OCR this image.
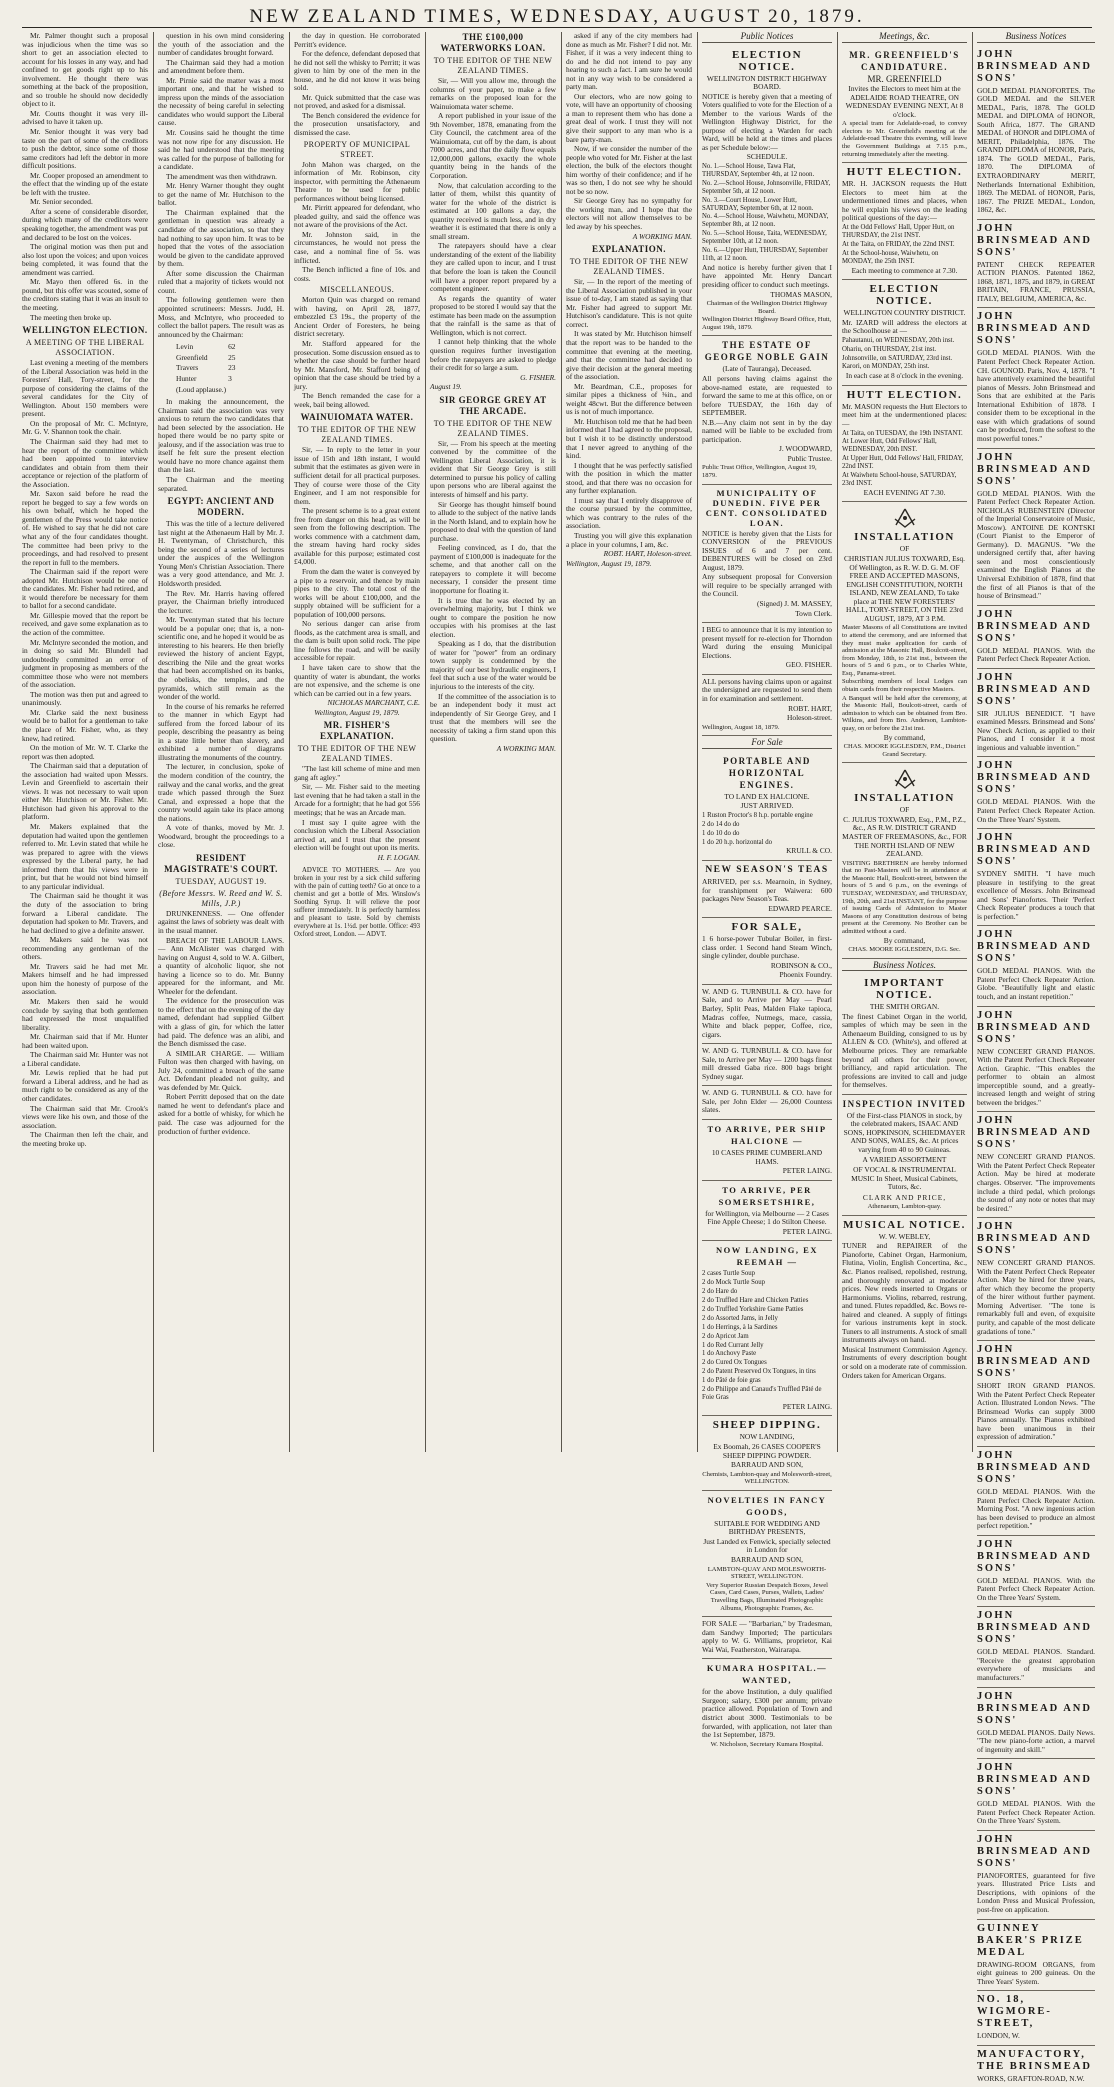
NEW ZEALAND TIMES, WEDNESDAY, AUGUST 20, 1879.

Mr. Palmer thought such a proposal was injudicious when the time was so short to get an association elected to account for his losses in any way, and had confined to get goods right up to his involvement. He thought there was something at the back of the proposition, and so trouble he should now decidedly object to it.

Mr. Coutts thought it was very ill-advised to have it taken up.

Mr. Senior thought it was very bad taste on the part of some of the creditors to push the debtor, since some of those same creditors had left the debtor in more difficult positions.

Mr. Cooper proposed an amendment to the effect that the winding up of the estate be left with the trustee.

Mr. Senior seconded.

After a scene of considerable disorder, during which many of the creditors were speaking together, the amendment was put and declared to be lost on the voices.

The original motion was then put and also lost upon the voices; and upon voices being completed, it was found that the amendment was carried.

Mr. Mayo then offered 6s. in the pound, but this offer was scouted, some of the creditors stating that it was an insult to the meeting.

The meeting then broke up.

WELLINGTON ELECTION.
A MEETING OF THE LIBERAL ASSOCIATION.

Last evening a meeting of the members of the Liberal Association was held in the Foresters' Hall, Tory-street, for the purpose of considering the claims of the several candidates for the City of Wellington. About 150 members were present.

On the proposal of Mr. C. McIntyre, Mr. G. V. Shannon took the chair.

The Chairman said they had met to hear the report of the committee which had been appointed to interview candidates and obtain from them their acceptance or rejection of the platform of the Association.

Mr. Saxon said before he read the report he begged to say a few words on his own behalf, which he hoped the gentlemen of the Press would take notice of. He wished to say that he did not care what any of the four candidates thought. The committee had been privy to the proceedings, and had resolved to present the report in full to the members.

The Chairman said if the report were adopted Mr. Hutchison would be one of the candidates. Mr. Fisher had retired, and it would therefore be necessary for them to ballot for a second candidate.

Mr. Gillespie moved that the report be received, and gave some explanation as to the action of the committee.

Mr. McIntyre seconded the motion, and in doing so said Mr. Blundell had undoubtedly committed an error of judgment in proposing as members of the committee those who were not members of the association.

The motion was then put and agreed to unanimously.

Mr. Clarke said the next business would be to ballot for a gentleman to take the place of Mr. Fisher, who, as they knew, had retired.

On the motion of Mr. W. T. Clarke the report was then adopted.

The Chairman said that a deputation of the association had waited upon Messrs. Levin and Greenfield to ascertain their views. It was not necessary to wait upon either Mr. Hutchison or Mr. Fisher. Mr. Hutchison had given his approval to the platform.

Mr. Makers explained that the deputation had waited upon the gentlemen referred to. Mr. Levin stated that while he was prepared to agree with the views expressed by the Liberal party, he had informed them that his views were in print, but that he would not bind himself to any particular individual.

The Chairman said he thought it was the duty of the association to bring forward a Liberal candidate. The deputation had spoken to Mr. Travers, and he had declined to give a definite answer.

Mr. Makers said he was not recommending any gentleman of the others.

Mr. Travers said he had met Mr. Makers himself and he had impressed upon him the honesty of purpose of the association.

Mr. Makers then said he would conclude by saying that both gentlemen had expressed the most unqualified liberality.

Mr. Chairman said that if Mr. Hunter had been waited upon.

The Chairman said Mr. Hunter was not a Liberal candidate.

Mr. Lewis replied that he had put forward a Liberal address, and he had as much right to be considered as any of the other candidates.

The Chairman said that Mr. Crook's views were like his own, and those of the association.

The Chairman then left the chair, and the meeting broke up.

question in his own mind considering the youth of the association and the number of candidates brought forward.

The Chairman said they had a motion and amendment before them.

Mr. Pirnie said the matter was a most important one, and that he wished to impress upon the minds of the association the necessity of being careful in selecting candidates who would support the Liberal cause.

Mr. Cousins said he thought the time was not now ripe for any discussion. He said he had understood that the meeting was called for the purpose of balloting for a candidate.

The amendment was then withdrawn.

Mr. Henry Warner thought they ought to get the name of Mr. Hutchison to the ballot.

The Chairman explained that the gentleman in question was already a candidate of the association, so that they had nothing to say upon him. It was to be hoped that the votes of the association would be given to the candidate approved by them.

After some discussion the Chairman ruled that a majority of tickets would not count.

The following gentlemen were then appointed scrutineers: Messrs. Judd, H. Moss, and McIntyre, who proceeded to collect the ballot papers. The result was as announced by the Chairman:

Levin	62
Greenfield	25
Travers	23
Hunter	3
(Loud applause.)	

In making the announcement, the Chairman said the association was very anxious to return the two candidates that had been selected by the association. He hoped there would be no party spite or jealousy, and if the association was true to itself he felt sure the present election would have no more chance against them than the last.

The Chairman and the meeting separated.

EGYPT: ANCIENT AND MODERN.

This was the title of a lecture delivered last night at the Athenaeum Hall by Mr. J. H. Twentyman, of Christchurch, this being the second of a series of lectures under the auspices of the Wellington Young Men's Christian Association. There was a very good attendance, and Mr. J. Holdsworth presided.

The Rev. Mr. Harris having offered prayer, the Chairman briefly introduced the lecturer.

Mr. Twentyman stated that his lecture would be a popular one; that is, a non-scientific one, and he hoped it would be as interesting to his hearers. He then briefly reviewed the history of ancient Egypt, describing the Nile and the great works that had been accomplished on its banks, the obelisks, the temples, and the pyramids, which still remain as the wonder of the world.

In the course of his remarks he referred to the manner in which Egypt had suffered from the forced labour of its people, describing the peasantry as being in a state little better than slavery, and exhibited a number of diagrams illustrating the monuments of the country.

The lecturer, in conclusion, spoke of the modern condition of the country, the railway and the canal works, and the great trade which passed through the Suez Canal, and expressed a hope that the country would again take its place among the nations.

A vote of thanks, moved by Mr. J. Woodward, brought the proceedings to a close.

RESIDENT MAGISTRATE'S COURT.
TUESDAY, AUGUST 19.
(Before Messrs. W. Reed and W. S. Mills, J.P.)

DRUNKENNESS. — One offender against the laws of sobriety was dealt with in the usual manner.

BREACH OF THE LABOUR LAWS. — Ann McAlister was charged with having on August 4, sold to W. A. Gilbert, a quantity of alcoholic liquor, she not having a licence so to do. Mr. Bunny appeared for the informant, and Mr. Wheeler for the defendant.

The evidence for the prosecution was to the effect that on the evening of the day named, defendant had supplied Gilbert with a glass of gin, for which the latter had paid. The defence was an alibi, and the Bench dismissed the case.

A SIMILAR CHARGE. — William Fulton was then charged with having, on July 24, committed a breach of the same Act. Defendant pleaded not guilty, and was defended by Mr. Quick.

Robert Perritt deposed that on the date named he went to defendant's place and asked for a bottle of whisky, for which he paid. The case was adjourned for the production of further evidence.

the day in question. He corroborated Perritt's evidence.

For the defence, defendant deposed that he did not sell the whisky to Perritt; it was given to him by one of the men in the house, and he did not know it was being sold.

Mr. Quick submitted that the case was not proved, and asked for a dismissal.

The Bench considered the evidence for the prosecution unsatisfactory, and dismissed the case.

PROPERTY OF MUNICIPAL STREET.

John Mahon was charged, on the information of Mr. Robinson, city inspector, with permitting the Athenaeum Theatre to be used for public performances without being licensed.

Mr. Pirritt appeared for defendant, who pleaded guilty, and said the offence was not aware of the provisions of the Act.

Mr. Johnston said, in the circumstances, he would not press the case, and a nominal fine of 5s. was inflicted.

The Bench inflicted a fine of 10s. and costs.

MISCELLANEOUS.

Morton Quin was charged on remand with having, on April 28, 1877, embezzled £3 19s., the property of the Ancient Order of Foresters, he being district secretary.

Mr. Stafford appeared for the prosecution. Some discussion ensued as to whether the case should be further heard by Mr. Mansford, Mr. Stafford being of opinion that the case should be tried by a jury.

The Bench remanded the case for a week, bail being allowed.

WAINUIOMATA WATER.
TO THE EDITOR OF THE NEW ZEALAND TIMES.

Sir, — In reply to the letter in your issue of 15th and 18th instant, I would submit that the estimates as given were in sufficient detail for all practical purposes. They of course were those of the City Engineer, and I am not responsible for them.

The present scheme is to a great extent free from danger on this head, as will be seen from the following description. The works commence with a catchment dam, the stream having hard rocky sides available for this purpose; estimated cost £4,000.

From the dam the water is conveyed by a pipe to a reservoir, and thence by main pipes to the city. The total cost of the works will be about £100,000, and the supply obtained will be sufficient for a population of 100,000 persons.

No serious danger can arise from floods, as the catchment area is small, and the dam is built upon solid rock. The pipe line follows the road, and will be easily accessible for repair.

I have taken care to show that the quantity of water is abundant, the works are not expensive, and the scheme is one which can be carried out in a few years.

NICHOLAS MARCHANT, C.E.

Wellington, August 19, 1879.

MR. FISHER'S EXPLANATION.
TO THE EDITOR OF THE NEW ZEALAND TIMES.

"The last kill scheme of mine and men gang aft agley."

Sir, — Mr. Fisher said to the meeting last evening that he had taken a stall in the Arcade for a fortnight; that he had got 556 meetings; that he was an Arcade man.

I must say I quite agree with the conclusion which the Liberal Association arrived at, and I trust that the present election will be fought out upon its merits.

H. F. LOGAN.

ADVICE TO MOTHERS. — Are you broken in your rest by a sick child suffering with the pain of cutting teeth? Go at once to a chemist and get a bottle of Mrs. Winslow's Soothing Syrup. It will relieve the poor sufferer immediately. It is perfectly harmless and pleasant to taste. Sold by chemists everywhere at 1s. 1½d. per bottle. Office: 493 Oxford street, London. — ADVT.

THE £100,000 WATERWORKS LOAN.
TO THE EDITOR OF THE NEW ZEALAND TIMES.

Sir, — Will you allow me, through the columns of your paper, to make a few remarks on the proposed loan for the Wainuiomata water scheme.

A report published in your issue of the 9th November, 1878, emanating from the City Council, the catchment area of the Wainuiomata, cut off by the dam, is about 7000 acres, and that the daily flow equals 12,000,000 gallons, exactly the whole quantity being in the hands of the Corporation.

Now, that calculation according to the latter of them, whilst this quantity of water for the whole of the district is estimated at 100 gallons a day, the quantity received is much less, and in dry weather it is estimated that there is only a small stream.

The ratepayers should have a clear understanding of the extent of the liability they are called upon to incur, and I trust that before the loan is taken the Council will have a proper report prepared by a competent engineer.

As regards the quantity of water proposed to be stored I would say that the estimate has been made on the assumption that the rainfall is the same as that of Wellington, which is not correct.

I cannot help thinking that the whole question requires further investigation before the ratepayers are asked to pledge their credit for so large a sum.

G. FISHER.

August 19.

SIR GEORGE GREY AT THE ARCADE.
TO THE EDITOR OF THE NEW ZEALAND TIMES.

Sir, — From his speech at the meeting convened by the committee of the Wellington Liberal Association, it is evident that Sir George Grey is still determined to pursue his policy of calling upon persons who are liberal against the interests of himself and his party.

Sir George has thought himself bound to allude to the subject of the native lands in the North Island, and to explain how he proposed to deal with the question of land purchase.

Feeling convinced, as I do, that the payment of £100,000 is inadequate for the scheme, and that another call on the ratepayers to complete it will become necessary, I consider the present time inopportune for floating it.

It is true that he was elected by an overwhelming majority, but I think we ought to compare the position he now occupies with his promises at the last election.

Speaking as I do, that the distribution of water for "power" from an ordinary town supply is condemned by the majority of our best hydraulic engineers, I feel that such a use of the water would be injurious to the interests of the city.

If the committee of the association is to be an independent body it must act independently of Sir George Grey, and I trust that the members will see the necessity of taking a firm stand upon this question.

A WORKING MAN.

asked if any of the city members had done as much as Mr. Fisher? I did not. Mr. Fisher, if it was a very indecent thing to do and he did not intend to pay any hearing to such a fact. I am sure he would not in any way wish to be considered a party man.

Our electors, who are now going to vote, will have an opportunity of choosing a man to represent them who has done a great deal of work. I trust they will not give their support to any man who is a bare party-man.

Now, if we consider the number of the people who voted for Mr. Fisher at the last election, the bulk of the electors thought him worthy of their confidence; and if he was so then, I do not see why he should not be so now.

Sir George Grey has no sympathy for the working man, and I hope that the electors will not allow themselves to be led away by his speeches.

A WORKING MAN.

EXPLANATION.
TO THE EDITOR OF THE NEW ZEALAND TIMES.

Sir, — In the report of the meeting of the Liberal Association published in your issue of to-day, I am stated as saying that Mr. Fisher had agreed to support Mr. Hutchison's candidature. This is not quite correct.

It was stated by Mr. Hutchison himself that the report was to be handed to the committee that evening at the meeting, and that the committee had decided to give their decision at the general meeting of the association.

Mr. Beardman, C.E., proposes for similar pipes a thickness of ⅜in., and weight 48cwt. But the difference between us is not of much importance.

Mr. Hutchison told me that he had been informed that I had agreed to the proposal, but I wish it to be distinctly understood that I never agreed to anything of the kind.

I thought that he was perfectly satisfied with the position in which the matter stood, and that there was no occasion for any further explanation.

I must say that I entirely disapprove of the course pursued by the committee, which was contrary to the rules of the association.

Trusting you will give this explanation a place in your columns, I am, &c.

ROBT. HART, Holeson-street.

Wellington, August 19, 1879.

Public Notices
ELECTION NOTICE.

WELLINGTON DISTRICT HIGHWAY BOARD.

NOTICE is hereby given that a meeting of Voters qualified to vote for the Election of a Member to the various Wards of the Wellington Highway District, for the purpose of electing a Warden for each Ward, will be held at the times and places as per Schedule below:—

SCHEDULE.

No. 1.—School House, Tawa Flat, THURSDAY, September 4th, at 12 noon.

No. 2.—School House, Johnsonville, FRIDAY, September 5th, at 12 noon.

No. 3.—Court House, Lower Hutt, SATURDAY, September 6th, at 12 noon.

No. 4.—School House, Waiwhetu, MONDAY, September 8th, at 12 noon.

No. 5.—School House, Taita, WEDNESDAY, September 10th, at 12 noon.

No. 6.—Upper Hutt, THURSDAY, September 11th, at 12 noon.

And notice is hereby further given that I have appointed Mr. Henry Dancart presiding officer to conduct such meetings.

THOMAS MASON,

Chairman of the Wellington District Highway Board.

Wellington District Highway Board Office, Hutt, August 19th, 1879.

THE ESTATE OF GEORGE NOBLE GAIN

(Late of Tauranga), Deceased.

All persons having claims against the above-named estate, are requested to forward the same to me at this office, on or before TUESDAY, the 16th day of SEPTEMBER.

N.B.—Any claim not sent in by the day named will be liable to be excluded from participation.

J. WOODWARD,

Public Trustee.

Public Trust Office, Wellington, August 19, 1879.

MUNICIPALITY OF DUNEDIN. FIVE PER CENT. CONSOLIDATED LOAN.

NOTICE is hereby given that the Lists for CONVERSION of the PREVIOUS ISSUES of 6 and 7 per cent. DEBENTURES will be closed on 23rd August, 1879.

Any subsequent proposal for Conversion will require to be specially arranged with the Council.

(Signed) J. M. MASSEY,

Town Clerk.

I BEG to announce that it is my intention to present myself for re-election for Thorndon Ward during the ensuing Municipal Elections.

GEO. FISHER.

ALL persons having claims upon or against the undersigned are requested to send them in for examination and settlement.

ROBT. HART,

Holeson-street.

Wellington, August 18, 1879.

For Sale
PORTABLE AND HORIZONTAL ENGINES.

TO LAND EX HALCIONE.

JUST ARRIVED.

1 Ruston Proctor's 8 h.p. portable engine

2 do 14 do do

1 do 10 do do

1 do 20 h.p. horizontal do

KRULL & CO.

NEW SEASON'S TEAS

ARRIVED, per s.s. Mearnoin, in Sydney, for transhipment per Waiwera: 600 packages New Season's Teas.

EDWARD PEARCE.

FOR SALE,

1 6 horse-power Tubular Boiler, in first-class order. 1 Second hand Steam Winch, single cylinder, double purchase.

ROBINSON & CO.,

Phoenix Foundry.

W. AND G. TURNBULL & CO. have for Sale, and to Arrive per May — Pearl Barley, Split Peas, Malden Flake tapioca, Madras coffee, Nutmegs, mace, cassia, White and black pepper, Coffee, rice, cigars.

W. AND G. TURNBULL & CO. have for Sale, to Arrive per May — 1200 bags finest mill dressed Gaba rice. 800 bags bright Sydney sugar.

W. AND G. TURNBULL & CO. have for Sale, per John Elder — 26,000 Countess slates.

TO ARRIVE, PER SHIP HALCIONE —

10 CASES PRIME CUMBERLAND HAMS.

PETER LAING.

TO ARRIVE, PER SOMERSETSHIRE,

for Wellington, via Melbourne — 2 Cases Fine Apple Cheese; 1 do Stilton Cheese.

PETER LAING.

NOW LANDING, EX REEMAH —

2 cases Turtle Soup

2 do Mock Turtle Soup

2 do Hare do

2 do Truffled Hare and Chicken Patties

2 do Truffled Yorkshire Game Patties

2 do Assorted Jams, in Jelly

1 do Herrings, à la Sardines

2 do Apricot Jam

1 do Red Currant Jelly

1 do Anchovy Paste

2 do Cured Ox Tongues

2 do Patent Preserved Ox Tongues, in tins

1 do Pâté de foie gras

2 do Philippe and Canaud's Truffled Pâté de Foie Gras

PETER LAING.

SHEEP DIPPING.

NOW LANDING,

Ex Boomah, 26 CASES COOPER'S SHEEP DIPPING POWDER.

BARRAUD AND SON,

Chemists, Lambton-quay and Molesworth-street, WELLINGTON.

NOVELTIES IN FANCY GOODS,

SUITABLE FOR WEDDING AND BIRTHDAY PRESENTS,

Just Landed ex Fenwick, specially selected in London for

BARRAUD AND SON,

LAMBTON-QUAY AND MOLESWORTH-STREET, WELLINGTON.

Very Superior Russian Despatch Boxes, Jewel Cases, Card Cases, Purses, Wallets, Ladies' Travelling Bags, Illuminated Photographic Albums, Photographic Frames, &c.

FOR SALE — "Barbarian," by Tradesman, dam Sandwy Imported; The particulars apply to W. G. Williams, proprietor, Kai Wai Wai, Featherston, Wairarapa.

KUMARA HOSPITAL.—WANTED,

for the above Institution, a duly qualified Surgeon; salary, £300 per annum; private practice allowed. Population of Town and district about 3000. Testimonials to be forwarded, with application, not later than the 1st September, 1879.

W. Nicholson, Secretary Kumara Hospital.

Meetings, &c.
MR. GREENFIELD'S CANDIDATURE.

MR. GREENFIELD

Invites the Electors to meet him at the ADELAIDE ROAD THEATRE, ON WEDNESDAY EVENING NEXT, At 8 o'clock.

A special tram for Adelaide-road, to convey electors to Mr. Greenfield's meeting at the Adelaide-road Theatre this evening, will leave the Government Buildings at 7.15 p.m., returning immediately after the meeting.

HUTT ELECTION.

MR. H. JACKSON requests the Hutt Electors to meet him at the undermentioned times and places, when he will explain his views on the leading political questions of the day:—

At the Odd Fellows' Hall, Upper Hutt, on THURSDAY, the 21st INST.

At the Taita, on FRIDAY, the 22nd INST.

At the School-house, Waiwhetu, on MONDAY, the 25th INST.

Each meeting to commence at 7.30.

ELECTION NOTICE.

WELLINGTON COUNTRY DISTRICT.

Mr. IZARD will address the electors at the Schoolhouse at —

Pahautanui, on WEDNESDAY, 20th inst.

Ohariu, on THURSDAY, 21st inst.

Johnsonville, on SATURDAY, 23rd inst.

Karori, on MONDAY, 25th inst.

In each case at 8 o'clock in the evening.

HUTT ELECTION.

Mr. MASON requests the Hutt Electors to meet him at the undermentioned places:—

At Taita, on TUESDAY, the 19th INSTANT.

At Lower Hutt, Odd Fellows' Hall, WEDNESDAY, 20th INST.

At Upper Hutt, Odd Fellows' Hall, FRIDAY, 22nd INST.

At Waiwhetu School-house, SATURDAY, 23rd INST.

EACH EVENING AT 7.30.

INSTALLATION

OF

CHRISTIAN JULIUS TOXWARD, Esq. Of Wellington, as R. W. D. G. M. OF FREE AND ACCEPTED MASONS, ENGLISH CONSTITUTION, NORTH ISLAND, NEW ZEALAND, To take place at THE NEW FORESTERS' HALL, TORY-STREET, ON THE 23rd AUGUST, 1879, AT 3 P.M.

Master Masons of all Constitutions are invited to attend the ceremony, and are informed that they must make application for cards of admission at the Masonic Hall, Boulcott-street, from Monday, 18th, to 21st inst., between the hours of 5 and 6 p.m., or to Charles White, Esq., Panama-street.

Subscribing members of local Lodges can obtain cards from their respective Masters.

A Banquet will be held after the ceremony, at the Masonic Hall, Boulcott-street, cards of admission to which can be obtained from Bro. Wilkins, and from Bro. Anderson, Lambton-quay, on or before the 21st inst.

By command,

CHAS. MOORE IGGLESDEN, P.M., District Grand Secretary.

INSTALLATION

OF

C. JULIUS TOXWARD, Esq., P.M., P.Z., &c., AS R.W. DISTRICT GRAND MASTER OF FREEMASONS, &c., FOR THE NORTH ISLAND OF NEW ZEALAND.

VISITING BRETHREN are hereby informed that no Past-Masters will be in attendance at the Masonic Hall, Boulcott-street, between the hours of 5 and 6 p.m., on the evenings of TUESDAY, WEDNESDAY, and THURSDAY, 19th, 20th, and 21st INSTANT, for the purpose of issuing Cards of Admission to Master Masons of any Constitution desirous of being present at the Ceremony. No Brother can be admitted without a card.

By command,

CHAS. MOORE IGGLESDEN, D.G. Sec.

Business Notices.
IMPORTANT NOTICE.

THE SMITH ORGAN.

The finest Cabinet Organ in the world, samples of which may be seen in the Athenaeum Building, consigned to us by ALLEN & CO. (White's), and offered at Melbourne prices. They are remarkable beyond all others for their power, brilliancy, and rapid articulation. The professions are invited to call and judge for themselves.

INSPECTION INVITED

Of the First-class PIANOS in stock, by the celebrated makers, ISAAC AND SONS, HOPKINSON, SCHIEDMAYER AND SONS, WALES, &c. At prices varying from 40 to 90 Guineas.

A VARIED ASSORTMENT

OF VOCAL & INSTRUMENTAL MUSIC In Sheet, Musical Cabinets, Tutors, &c.

CLARK AND PRICE,

Athenaeum, Lambton-quay.

MUSICAL NOTICE.

W. W. WEBLEY,

TUNER and REPAIRER of the Pianoforte, Cabinet Organ, Harmonium, Flutina, Violin, English Concertina, &c., &c. Pianos realised, repolished, restrung, and thoroughly renovated at moderate prices. New reeds inserted to Organs or Harmoniums. Violins, rebarred, restrung, and tuned. Flutes repaddled, &c. Bows re-haired and cleaned. A supply of fittings for various instruments kept in stock. Tuners to all instruments. A stock of small instruments always on hand.

Musical Instrument Commission Agency. Instruments of every description bought or sold on a moderate rate of commission. Orders taken for American Organs.

Business Notices
JOHN BRINSMEAD AND SONS'

GOLD MEDAL PIANOFORTES. The GOLD MEDAL and the SILVER MEDAL, Paris, 1878. The GOLD MEDAL and DIPLOMA of HONOR, South Africa, 1877. The GRAND MEDAL of HONOR and DIPLOMA of MERIT, Philadelphia, 1876. The GRAND DIPLOMA of HONOR, Paris, 1874. The GOLD MEDAL, Paris, 1870. The DIPLOMA of EXTRAORDINARY MERIT, Netherlands International Exhibition, 1869. The MEDAL of HONOR, Paris, 1867. The PRIZE MEDAL, London, 1862, &c.

JOHN BRINSMEAD AND SONS'

PATENT CHECK REPEATER ACTION PIANOS. Patented 1862, 1868, 1871, 1875, and 1879, in GREAT BRITAIN, FRANCE, PRUSSIA, ITALY, BELGIUM, AMERICA, &c.

JOHN BRINSMEAD AND SONS'

GOLD MEDAL PIANOS. With the Patent Perfect Check Repeater Action. CH. GOUNOD. Paris, Nov. 4, 1878. "I have attentively examined the beautiful pianos of Messrs. John Brinsmead and Sons that are exhibited at the Paris International Exhibition of 1878. I consider them to be exceptional in the ease with which gradations of sound can be produced, from the softest to the most powerful tones."

JOHN BRINSMEAD AND SONS'

GOLD MEDAL PIANOS. With the Patent Perfect Check Repeater Action. NICHOLAS RUBENSTEIN (Director of the Imperial Conservatoire of Music, Moscow). ANTOINE DE KONTSKI (Court Pianist to the Emperor of Germany). D. MAGNUS. "We the undersigned certify that, after having seen and most conscientiously examined the English Pianos at the Universal Exhibition of 1878, find that the first of all Pianos is that of the house of Brinsmead."

JOHN BRINSMEAD AND SONS'

GOLD MEDAL PIANOS. With the Patent Perfect Check Repeater Action.

JOHN BRINSMEAD AND SONS'

SIR JULIUS BENEDICT. "I have examined Messrs. Brinsmead and Sons' New Check Action, as applied to their Pianos, and I consider it a most ingenious and valuable invention."

JOHN BRINSMEAD AND SONS'

GOLD MEDAL PIANOS. With the Patent Perfect Check Repeater Action. On the Three Years' System.

JOHN BRINSMEAD AND SONS'

SYDNEY SMITH. "I have much pleasure in testifying to the great excellence of Messrs. John Brinsmead and Sons' Pianofortes. Their 'Perfect Check Repeater' produces a touch that is perfection."

JOHN BRINSMEAD AND SONS'

GOLD MEDAL PIANOS. With the Patent Perfect Check Repeater Action. Globe. "Beautifully light and elastic touch, and an instant repetition."

JOHN BRINSMEAD AND SONS'

NEW CONCERT GRAND PIANOS. With the Patent Perfect Check Repeater Action. Graphic. "This enables the performer to obtain an almost imperceptible sound, and a greatly-increased length and weight of string between the bridges."

JOHN BRINSMEAD AND SONS'

NEW CONCERT GRAND PIANOS. With the Patent Perfect Check Repeater Action. May be hired at moderate charges. Observer. "The improvements include a third pedal, which prolongs the sound of any note or notes that may be desired."

JOHN BRINSMEAD AND SONS'

NEW CONCERT GRAND PIANOS. With the Patent Perfect Check Repeater Action. May be hired for three years, after which they become the property of the hirer without further payment. Morning Advertiser. "The tone is remarkably full and even, of exquisite purity, and capable of the most delicate gradations of tone."

JOHN BRINSMEAD AND SONS'

SHORT IRON GRAND PIANOS. With the Patent Perfect Check Repeater Action. Illustrated London News. "The Brinsmead Works can supply 3000 Pianos annually. The Pianos exhibited have been unanimous in their expression of admiration."

JOHN BRINSMEAD AND SONS'

GOLD MEDAL PIANOS. With the Patent Perfect Check Repeater Action. Morning Post. "A new ingenious action has been devised to produce an almost perfect repetition."

JOHN BRINSMEAD AND SONS'

GOLD MEDAL PIANOS. With the Patent Perfect Check Repeater Action. On the Three Years' System.

JOHN BRINSMEAD AND SONS'

GOLD MEDAL PIANOS. Standard. "Receive the greatest approbation everywhere of musicians and manufacturers."

JOHN BRINSMEAD AND SONS'

GOLD MEDAL PIANOS. Daily News. "The new piano-forte action, a marvel of ingenuity and skill."

JOHN BRINSMEAD AND SONS'

GOLD MEDAL PIANOS. With the Patent Perfect Check Repeater Action. On the Three Years' System.

JOHN BRINSMEAD AND SONS'

PIANOFORTES, guaranteed for five years. Illustrated Price Lists and Descriptions, with opinions of the London Press and Musical Profession, post-free on application.

GUINNEY BAKER'S PRIZE MEDAL

DRAWING-ROOM ORGANS, from eight guineas to 200 guineas. On the Three Years' System.

NO. 18, WIGMORE-STREET,

LONDON, W.

MANUFACTORY, THE BRINSMEAD

WORKS, GRAFTON-ROAD, N.W.
